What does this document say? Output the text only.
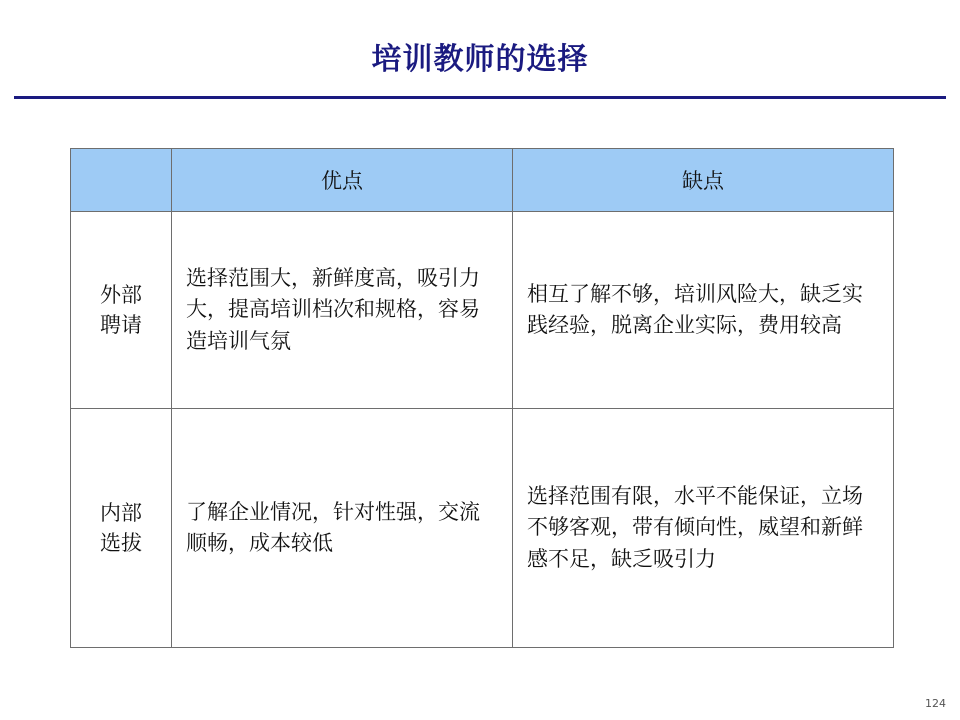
培训教师的选择
	优点	缺点

外部
聘请	选择范围大，新鲜度高，吸引力大，提高培训档次和规格，容易造培训气氛	相互了解不够，培训风险大，缺乏实践经验，脱离企业实际，费用较高

内部
选拔	了解企业情况，针对性强，交流顺畅，成本较低	选择范围有限，水平不能保证，立场不够客观，带有倾向性，威望和新鲜感不足，缺乏吸引力
124
